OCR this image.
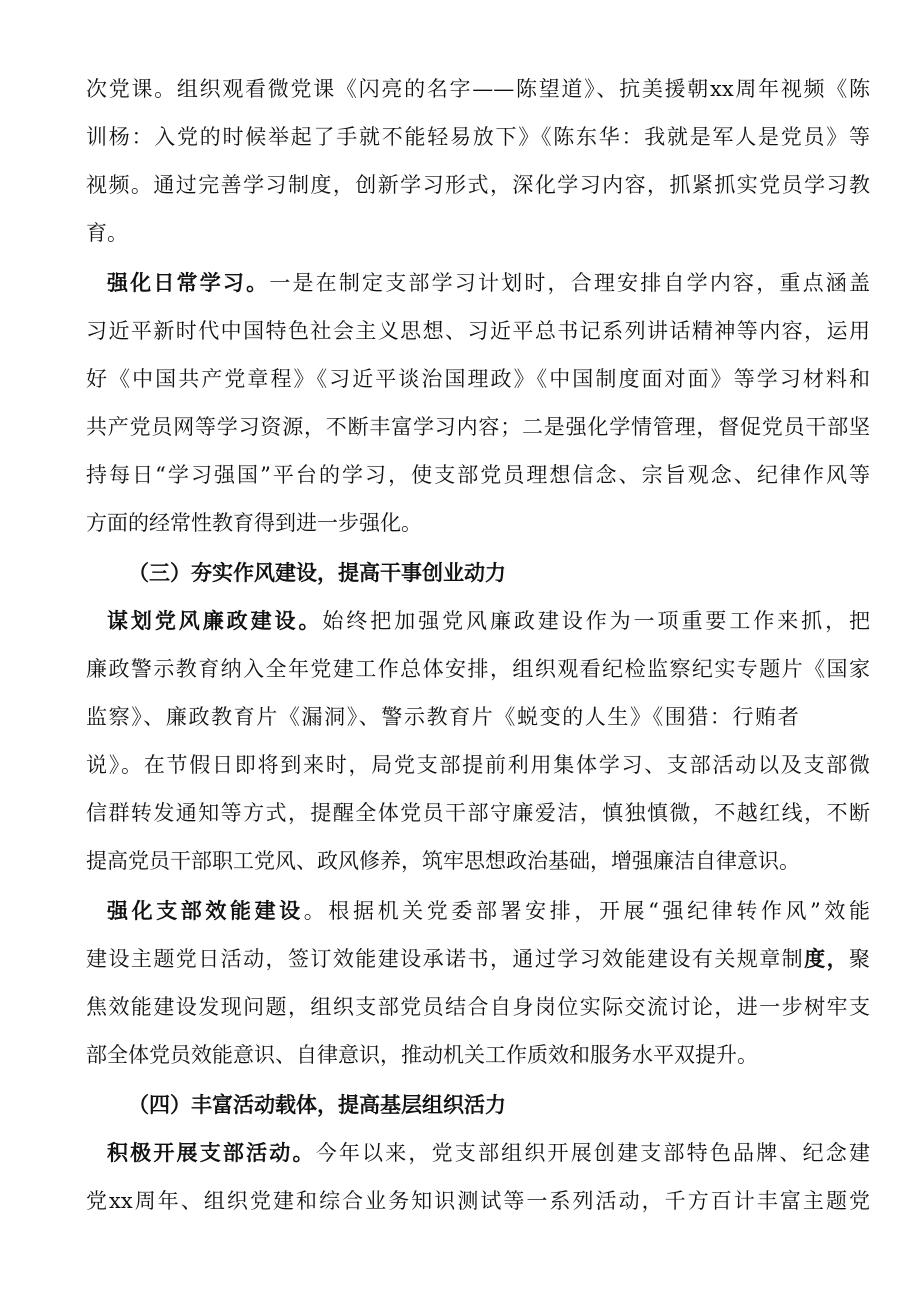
次党课。组织观看微党课《闪亮的名字——陈望道》、抗美援朝xx周年视频《陈
训杨：入党的时候举起了手就不能轻易放下》《陈东华：我就是军人是党员》等
视频。通过完善学习制度，创新学习形式，深化学习内容，抓紧抓实党员学习教
育。
强化日常学习。一是在制定支部学习计划时，合理安排自学内容，重点涵盖
习近平新时代中国特色社会主义思想、习近平总书记系列讲话精神等内容，运用
好《中国共产党章程》《习近平谈治国理政》《中国制度面对面》等学习材料和
共产党员网等学习资源，不断丰富学习内容；二是强化学情管理，督促党员干部坚
持每日“学习强国”平台的学习，使支部党员理想信念、宗旨观念、纪律作风等
方面的经常性教育得到进一步强化。
（三）夯实作风建设，提高干事创业动力
谋划党风廉政建设。始终把加强党风廉政建设作为一项重要工作来抓，把
廉政警示教育纳入全年党建工作总体安排，组织观看纪检监察纪实专题片《国家
监察》、廉政教育片《漏洞》、警示教育片《蜕变的人生》《围猎：行贿者
说》。在节假日即将到来时，局党支部提前利用集体学习、支部活动以及支部微
信群转发通知等方式，提醒全体党员干部守廉爱洁，慎独慎微，不越红线，不断
提高党员干部职工党风、政风修养，筑牢思想政治基础，增强廉洁自律意识。
强化支部效能建设。根据机关党委部署安排，开展“强纪律转作风”效能
建设主题党日活动，签订效能建设承诺书，通过学习效能建设有关规章制度，聚
焦效能建设发现问题，组织支部党员结合自身岗位实际交流讨论，进一步树牢支
部全体党员效能意识、自律意识，推动机关工作质效和服务水平双提升。
（四）丰富活动载体，提高基层组织活力
积极开展支部活动。今年以来，党支部组织开展创建支部特色品牌、纪念建
党xx周年、组织党建和综合业务知识测试等一系列活动，千方百计丰富主题党
